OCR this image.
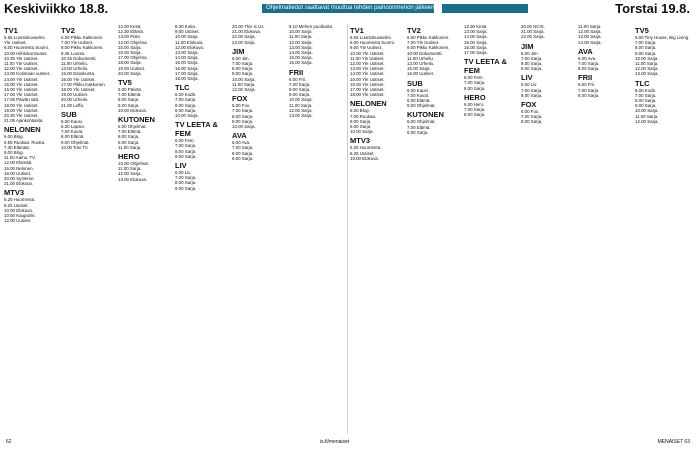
Keskiviikko 18.8.	Ohjelmatiedot saattavat muuttua tehden painoonmenon jälkeen.	Torstai 19.8.
TV1
5.55 Luontokuvaelmi.
Yle Uutiset.
6.00 Huomenta Suomi.
10.00 Hiihtokuntoutus.
10.30 Yle Uutiset.
11.00 Yle Uutiset.
12.00 Yle Uutiset.
13.00 Kotimaan uutiset.
14.00 Yle Uutiset.
15.00 Yle Uutiset.
16.00 Yle Uutiset.
17.00 Yle Uutiset.
17.05 Päivän sää.
18.00 Yle Uutiset.
19.00 Yle Uutiset.
20.30 Yle Uutiset.
21.05 Ajankohtaista.
NELONEN
6.00 Blog.
6.55 Ruokaa. Ruoka.
7.30 Elämää.
9.00 Blog.
11.00 Aamu. TV.
12.00 Elämää.
16.00 Nelonen.
18.00 Uutiset.
20.00 Syömme.
21.00 Elokuva.
MTV3
6.25 Huomenta.
8.25 Uutiset.
10.00 Elokuva.
10.50 Kaupunki.
12.00 Uutiset.
TV2
6.00 Pikku Kakkonen.
7.00 Yle Uutiset.
9.00 Pikku Kakkonen.
9.45 Luonto.
10.15 Dokumentti.
11.00 Urheilu.
13.00 Urheilu.
15.00 Eduskunta.
16.00 Yle Uutiset.
17.00 Pikku Kakkonen.
18.00 Yle Uutiset.
19.00 Uutiset.
20.00 Urheilu.
21.00 Leffa.
SUB
6.00 Kausi.
6.30 Lapsia.
7.00 Kuvat.
8.00 Elämä.
9.00 Ohjelmat.
10.00 Tosi TV.
12.00 Kesä.
12.30 Elämä.
13.00 Piste.
14.00 Ohjelma.
15.00 Sarja.
16.00 Sarja.
17.00 Ohjelma.
18.00 Sarja.
19.00 Uutiset.
20.00 Sarja.
TV5
6.00 Päivän.
7.00 Elämä.
8.00 Sarja.
9.00 Sarja.
10.00 Elokuva.
KUTONEN
6.00 Ohjelmat.
7.00 Elämä.
8.00 Sarja.
9.00 Sarja.
11.00 Sarja.
HERO
10.00 Ohjelmat.
11.00 Sarja.
12.00 Sarja.
13.00 Elokuva.
8.30 Kotia.
9.00 Uutiset.
10.00 Sarja.
11.00 Elokuva.
12.00 Elokuva.
13.00 Sarja.
14.00 Sarja.
15.00 Sarja.
16.00 Sarja.
17.00 Sarja.
18.00 Sarja.
TLC
6.00 Kodit.
7.00 Sarja.
8.00 Sarja.
9.00 Sarja.
10.00 Sarja.
TV LEETA & FEM
6.00 Fem.
7.00 Sarja.
8.00 Sarja.
9.00 Sarja.
LIV
6.00 Liv.
7.00 Sarja.
8.00 Sarja.
9.00 Sarja.
20.00 This is Us.
21.00 Elokuva.
22.00 Sarja.
23.00 Sarja.
JIM
6.00 Jim.
7.00 Sarja.
8.00 Sarja.
9.00 Sarja.
10.00 Sarja.
11.00 Sarja.
12.00 Sarja.
FOX
6.00 Fox.
7.00 Sarja.
8.00 Sarja.
9.00 Sarja.
10.00 Sarja.
AVA
6.00 Ava.
7.00 Sarja.
8.00 Sarja.
9.00 Sarja.
9.10 Mehen puolisoita.
10.00 Sarja.
11.00 Sarja.
12.00 Sarja.
13.00 Sarja.
14.00 Sarja.
15.00 Sarja.
16.00 Sarja.
FRII
6.00 Frii.
7.00 Sarja.
8.00 Sarja.
9.00 Sarja.
10.00 Sarja.
11.00 Sarja.
12.00 Sarja.
13.00 Sarja.
TV1
5.55 Luontokuvaelmi.
6.00 Huomenta Suomi.
9.00 Yle Uutiset.
10.00 Yle Uutiset.
11.00 Yle Uutiset.
12.00 Yle Uutiset.
13.00 Yle Uutiset.
14.00 Yle Uutiset.
15.00 Yle Uutiset.
16.00 Yle Uutiset.
17.00 Yle Uutiset.
18.00 Yle Uutiset.
NELONEN
6.00 Blog.
7.00 Ruokaa.
8.00 Sarja.
9.00 Sarja.
10.00 Sarja.
MTV3
6.25 Huomenta.
8.25 Uutiset.
10.00 Elokuva.
TV2
6.00 Pikku Kakkonen.
7.00 Yle Uutiset.
9.00 Pikku Kakkonen.
10.00 Dokumentti.
11.00 Urheilu.
13.00 Urheilu.
15.00 Sarja.
16.00 Uutiset.
SUB
6.00 Kausi.
7.00 Kuvat.
8.00 Elämä.
9.00 Ohjelmat.
KUTONEN
6.00 Ohjelmat.
7.00 Elämä.
8.00 Sarja.
12.30 Kesä.
13.00 Sarja.
14.00 Sarja.
15.00 Sarja.
16.00 Sarja.
17.00 Sarja.
TV LEETA & FEM
6.00 Fem.
7.00 Sarja.
8.00 Sarja.
HERO
6.00 Hero.
7.00 Sarja.
8.00 Sarja.
20.00 NCIS.
21.00 Sarja.
22.00 Sarja.
JIM
6.00 Jim.
7.00 Sarja.
8.00 Sarja.
9.00 Sarja.
LIV
6.00 Liv.
7.00 Sarja.
8.00 Sarja.
FOX
6.00 Fox.
7.00 Sarja.
8.00 Sarja.
11.00 Sarja.
12.00 Sarja.
13.00 Sarja.
14.00 Sarja.
AVA
6.00 Ava.
7.00 Sarja.
8.00 Sarja.
FRII
6.00 Frii.
7.00 Sarja.
8.00 Sarja.
TV5
6.00 Tiny House, Big Living.
7.00 Sarja.
8.00 Sarja.
9.00 Sarja.
10.00 Sarja.
11.00 Sarja.
12.00 Sarja.
13.00 Sarja.
TLC
6.00 Kodit.
7.00 Sarja.
8.00 Sarja.
9.00 Sarja.
10.00 Sarja.
11.00 Sarja.
12.00 Sarja.
62	is.fi/menaiset	MENAISET 63
